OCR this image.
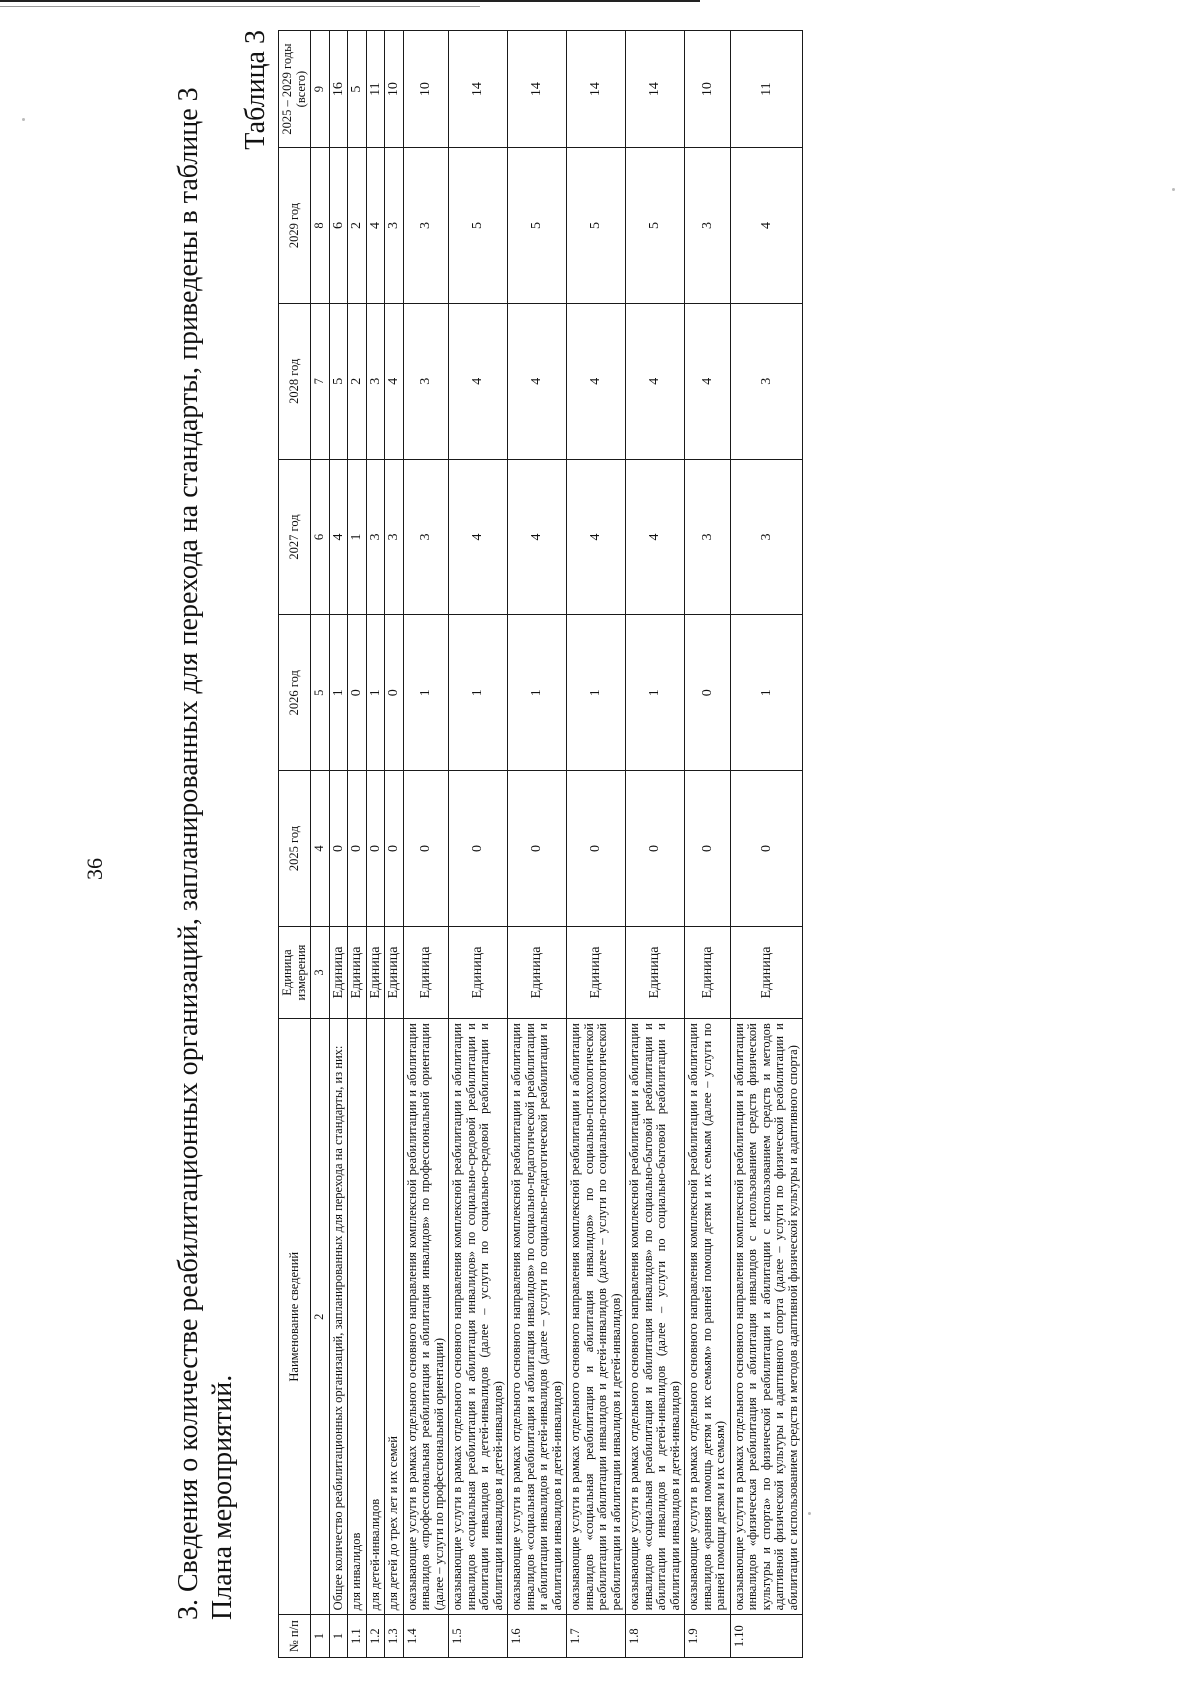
36 3. Сведения о количестве реабилитационных организаций, запланированных для перехода на стандарты, приведены в таблице 3 Плана мероприятий.
Таблица 3
№ п/п	Наименование сведений	Единица измерения	2025 год	2026 год	2027 год	2028 год	2029 год	2025 – 2029 годы (всего)
1	2	3	4	5	6	7	8	9
1	Общее количество реабилитационных организаций, запланированных для перехода на стандарты, из них:	Единица	0	1	4	5	6	16
1.1	для инвалидов	Единица	0	0	1	2	2	5
1.2	для детей-инвалидов	Единица	0	1	3	3	4	11
1.3	для детей до трех лет и их семей	Единица	0	0	3	4	3	10
1.4	оказывающие услуги в рамках отдельного основного направления комплексной реабилитации и абилитации инвалидов «профессиональная реабилитация и абилитация инвалидов» по профессиональной ориентации (далее – услуги по профессиональной ориентации)	Единица	0	1	3	3	3	10
1.5	оказывающие услуги в рамках отдельного основного направления комплексной реабилитации и абилитации инвалидов «социальная реабилитация и абилитация инвалидов» по социально-средовой реабилитации и абилитации инвалидов и детей-инвалидов (далее – услуги по социально-средовой реабилитации и абилитации инвалидов и детей-инвалидов)	Единица	0	1	4	4	5	14
1.6	оказывающие услуги в рамках отдельного основного направления комплексной реабилитации и абилитации инвалидов «социальная реабилитация и абилитация инвалидов» по социально-педагогической реабилитации и абилитации инвалидов и детей-инвалидов (далее – услуги по социально-педагогической реабилитации и абилитации инвалидов и детей-инвалидов)	Единица	0	1	4	4	5	14
1.7	оказывающие услуги в рамках отдельного основного направления комплексной реабилитации и абилитации инвалидов «социальная реабилитация и абилитация инвалидов» по социально-психологической реабилитации и абилитации инвалидов и детей-инвалидов (далее – услуги по социально-психологической реабилитации и абилитации инвалидов и детей-инвалидов)	Единица	0	1	4	4	5	14
1.8	оказывающие услуги в рамках отдельного основного направления комплексной реабилитации и абилитации инвалидов «социальная реабилитация и абилитация инвалидов» по социально-бытовой реабилитации и абилитации инвалидов и детей-инвалидов (далее – услуги по социально-бытовой реабилитации и абилитации инвалидов и детей-инвалидов)	Единица	0	1	4	4	5	14
1.9	оказывающие услуги в рамках отдельного основного направления комплексной реабилитации и абилитации инвалидов «ранняя помощь детям и их семьям» по ранней помощи детям и их семьям (далее – услуги по ранней помощи детям и их семьям)	Единица	0	0	3	4	3	10
1.10	оказывающие услуги в рамках отдельного основного направления комплексной реабилитации и абилитации инвалидов «физическая реабилитация и абилитация инвалидов с использованием средств физической культуры и спорта» по физической реабилитации и абилитации с использованием средств и методов адаптивной физической культуры и адаптивного спорта (далее – услуги по физической реабилитации и абилитации с использованием средств и методов адаптивной физической культуры и адаптивного спорта)	Единица	0	1	3	3	4	11
